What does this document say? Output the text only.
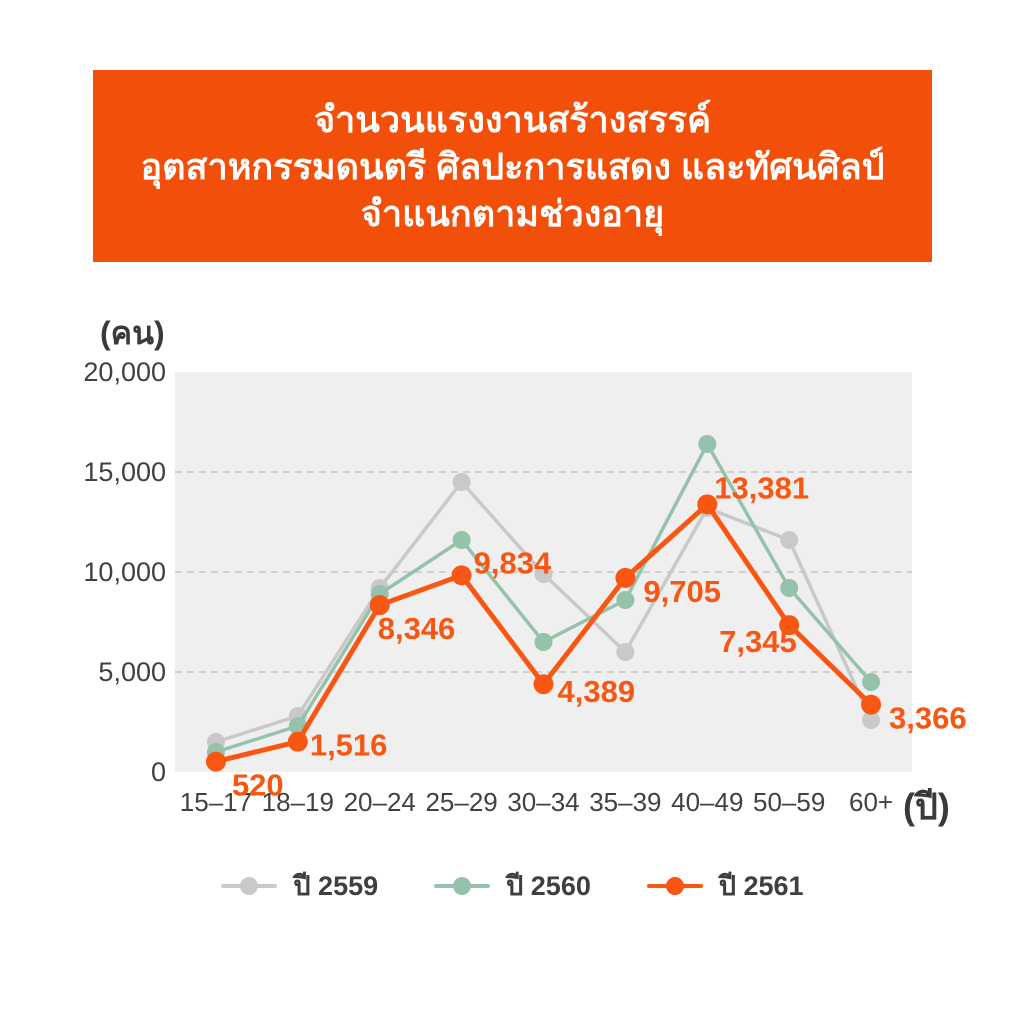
จำนวนแรงงานสร้างสรรค์
อุตสาหกรรมดนตรี ศิลปะการแสดง และทัศนศิลป์
จำแนกตามช่วงอายุ
(คน)
20,000
15,000
10,000
5,000
0
15–17 18–19 20–24 25–29 30–34 35–39 40–49 50–59 60+
520
1,516
8,346
9,834
4,389
9,705
13,381
7,345
3,366
(ปี)
ปี 2559	ปี 2560	ปี 2561
